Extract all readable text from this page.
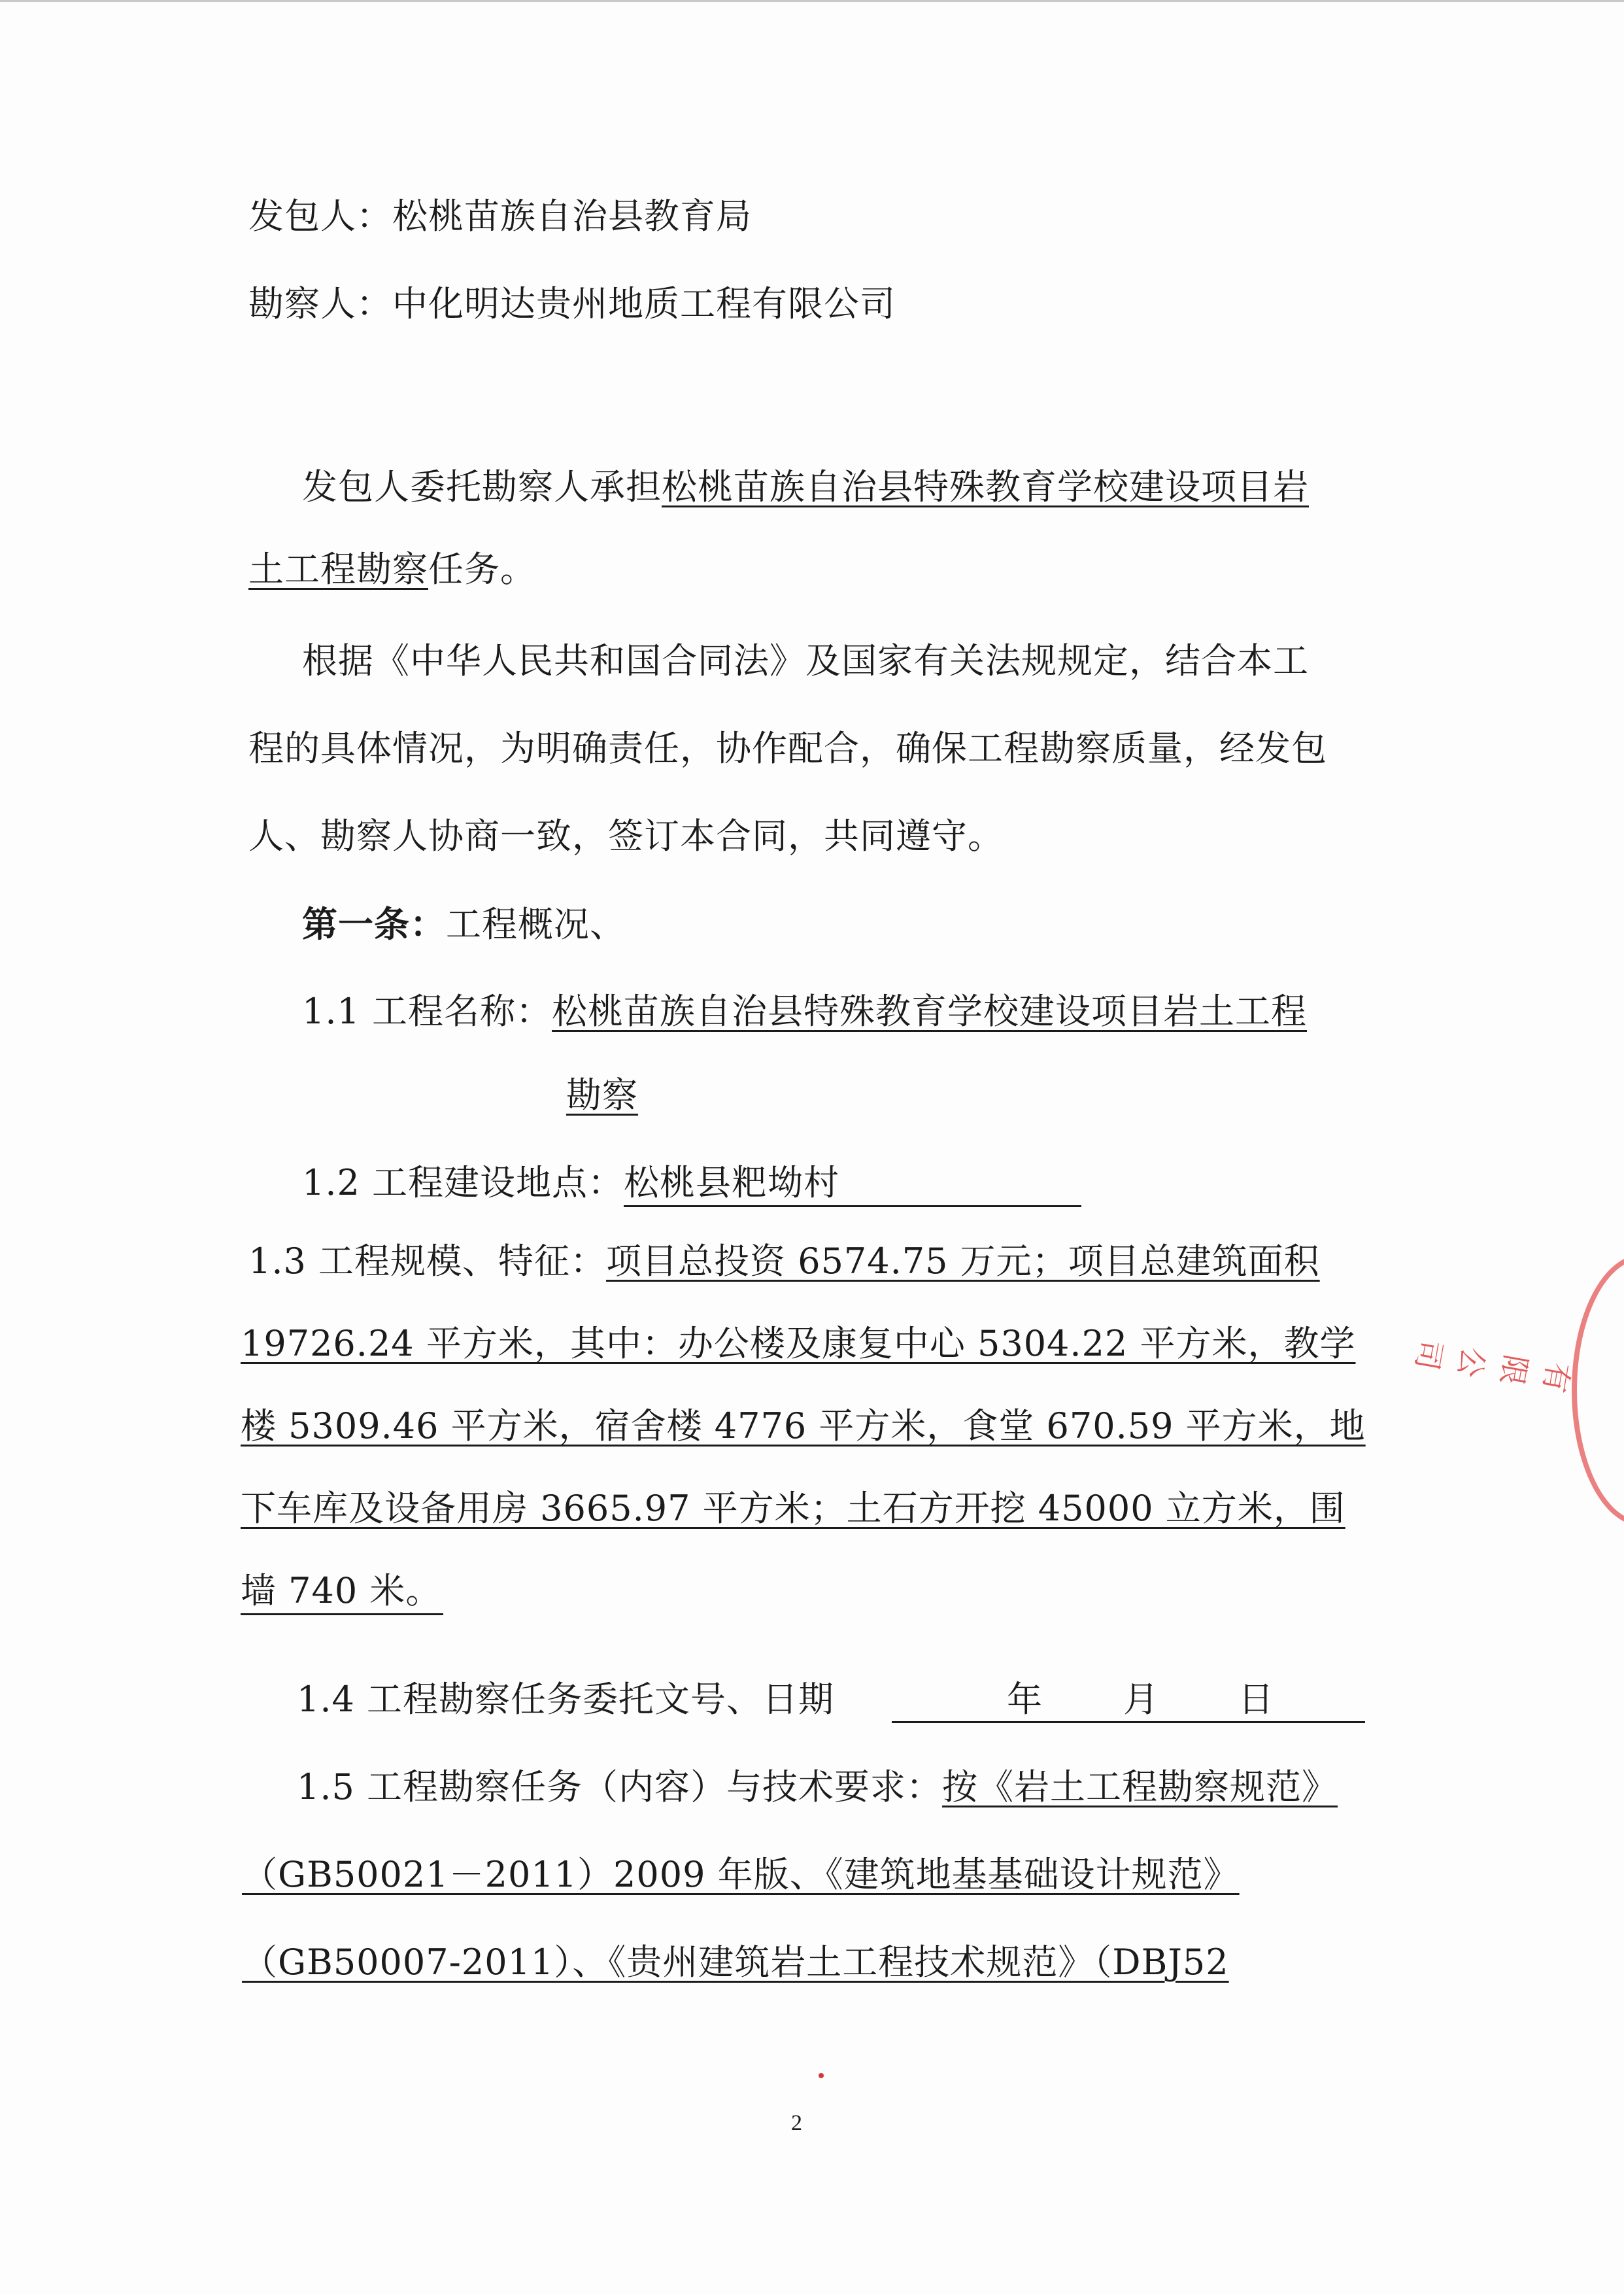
发包人：松桃苗族自治县教育局
勘察人：中化明达贵州地质工程有限公司
发包人委托勘察人承担松桃苗族自治县特殊教育学校建设项目岩
土工程勘察任务。
根据《中华人民共和国合同法》及国家有关法规规定，结合本工
程的具体情况，为明确责任，协作配合，确保工程勘察质量，经发包
人、勘察人协商一致，签订本合同，共同遵守。
第一条：工程概况、
1.1 工程名称：松桃苗族自治县特殊教育学校建设项目岩土工程
勘察
1.2 工程建设地点：松桃县粑坳村
1.3 工程规模、特征：项目总投资 6574.75 万元；项目总建筑面积
19726.24 平方米，其中：办公楼及康复中心 5304.22 平方米，教学
楼 5309.46 平方米，宿舍楼 4776 平方米，食堂 670.59 平方米，地
下车库及设备用房 3665.97 平方米；土石方开挖 45000 立方米，围
墙 740 米。
1.4 工程勘察任务委托文号、日期	年 月 日
1.5 工程勘察任务（内容）与技术要求：按《岩土工程勘察规范》
（GB50021－2011）2009 年版、《建筑地基基础设计规范》
（GB50007-2011）、《贵州建筑岩土工程技术规范》（DBJ52
2
有限公司
